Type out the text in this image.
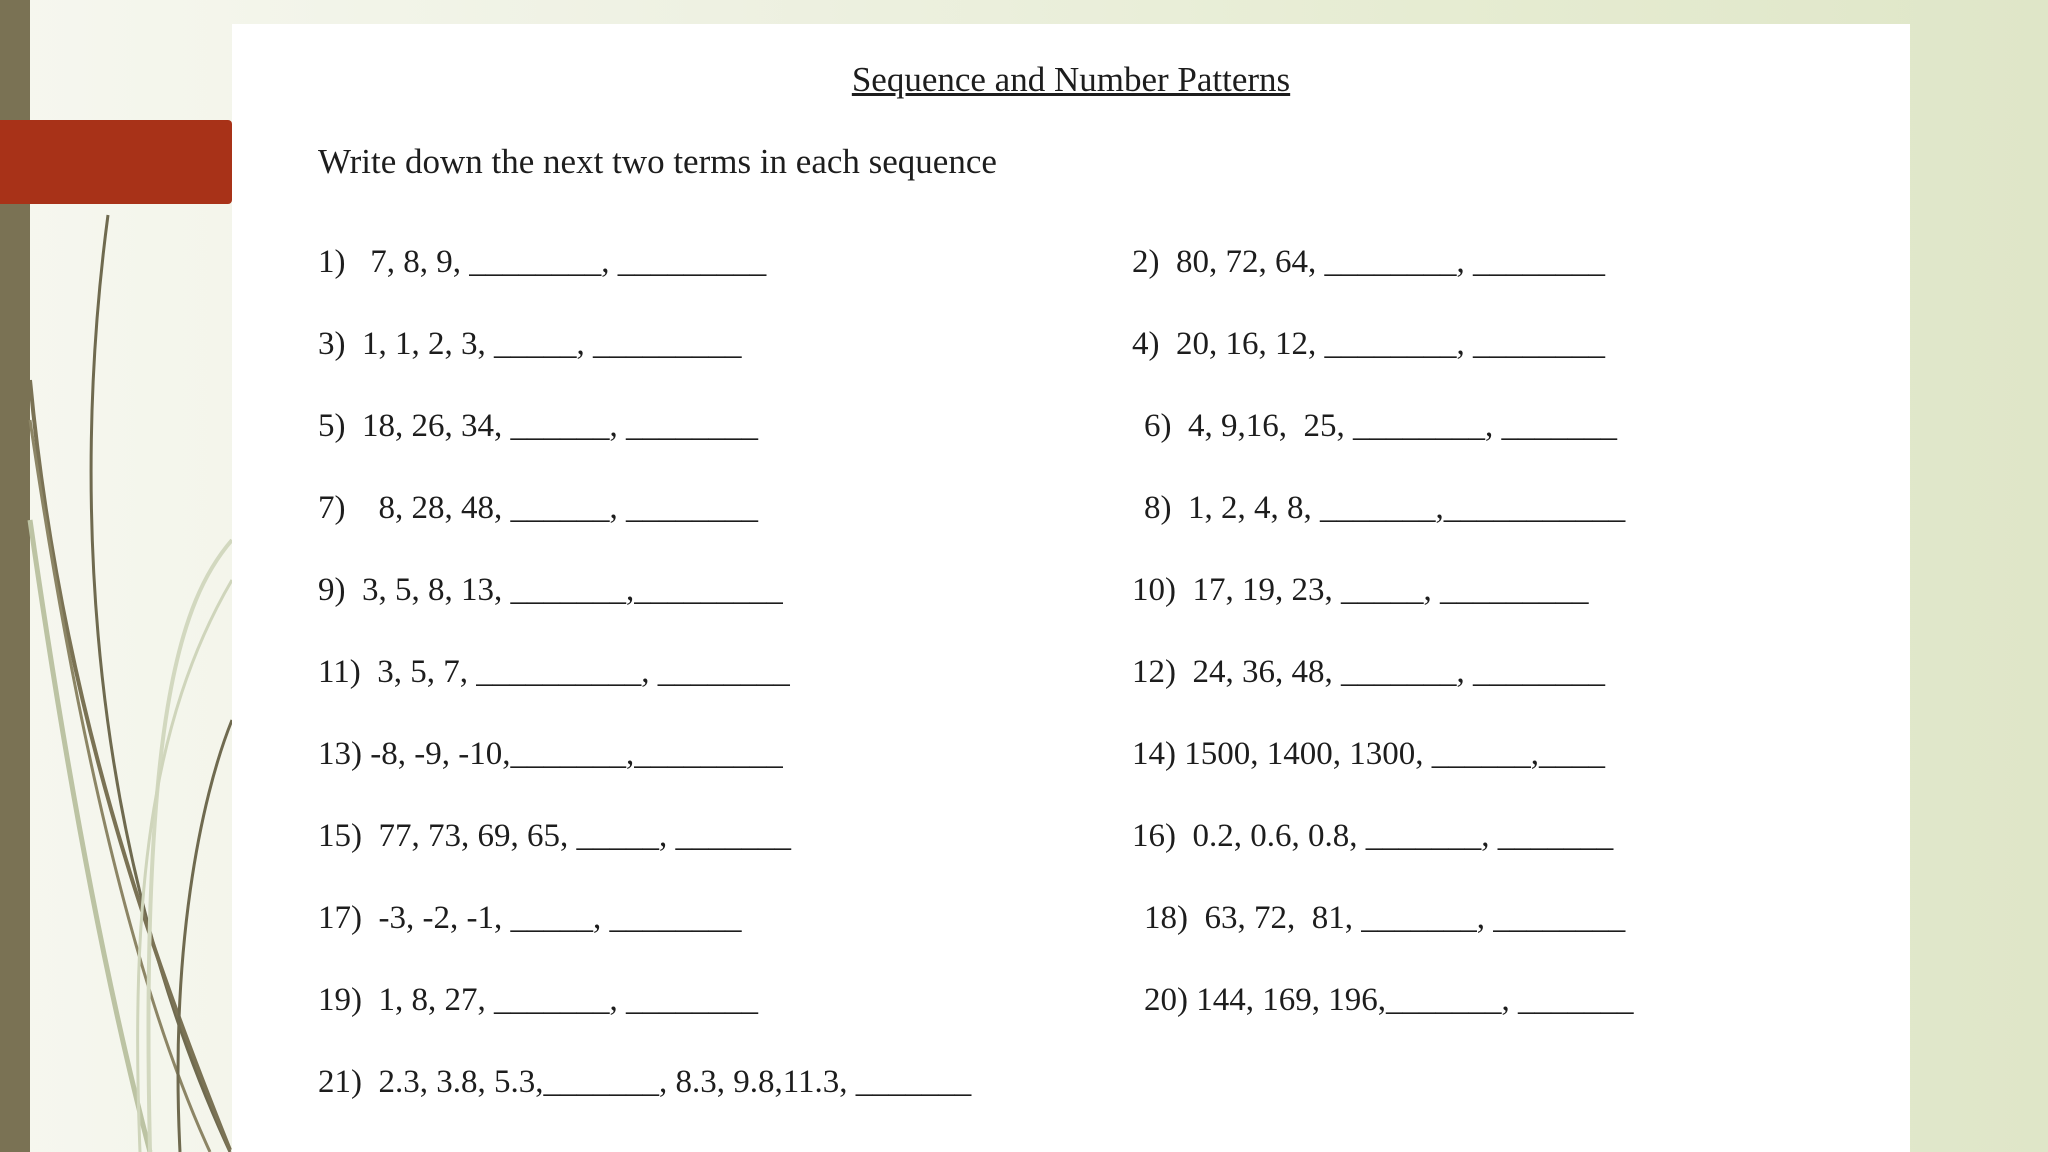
Sequence and Number Patterns
Write down the next two terms in each sequence
1)   7, 8, 9, ________, _________	2)  80, 72, 64, ________, ________
3)  1, 1, 2, 3, _____, _________	4)  20, 16, 12, ________, ________
5)  18, 26, 34, ______, ________	6)  4, 9,16,  25, ________, _______
7)    8, 28, 48, ______, ________	8)  1, 2, 4, 8, _______,___________
9)  3, 5, 8, 13, _______,_________	10)  17, 19, 23, _____, _________
11)  3, 5, 7, __________, ________	12)  24, 36, 48, _______, ________
13) -8, -9, -10,_______,_________	14) 1500, 1400, 1300, ______,____
15)  77, 73, 69, 65, _____, _______	16)  0.2, 0.6, 0.8, _______, _______
17)  -3, -2, -1, _____, ________	18)  63, 72,  81, _______, ________
19)  1, 8, 27, _______, ________	20) 144, 169, 196,_______, _______
21)  2.3, 3.8, 5.3,_______, 8.3, 9.8,11.3, _______
